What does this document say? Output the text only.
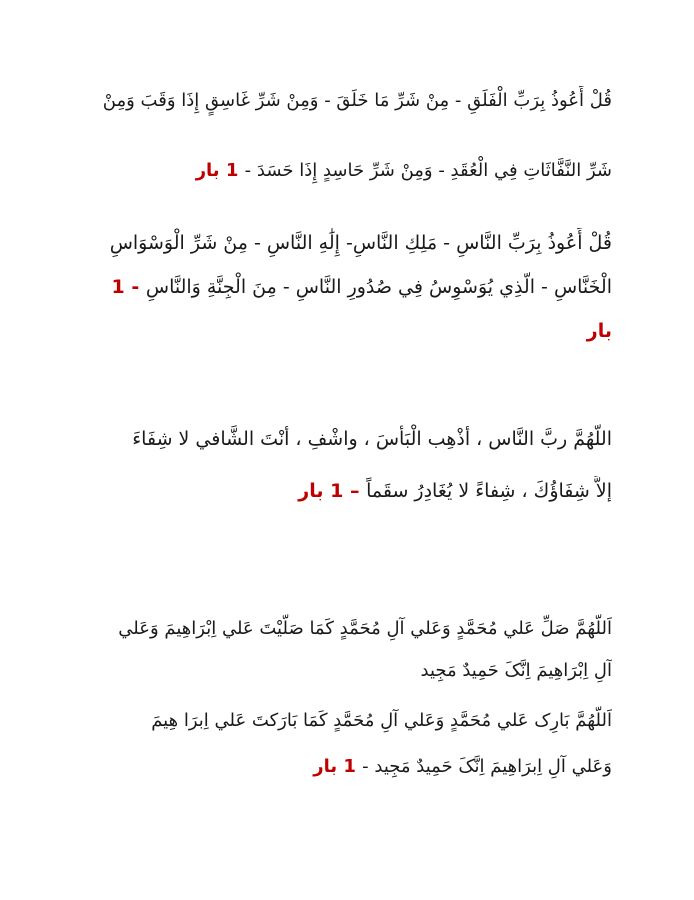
قُلْ أَعُوذُ بِرَبِّ الْفَلَقِ - مِنْ شَرِّ مَا خَلَقَ - وَمِنْ شَرِّ غَاسِقٍ إِذَا وَقَبَ وَمِنْ
شَرِّ النَّفَّاثَاتِ فِي الْعُقَدِ - وَمِنْ شَرِّ حَاسِدٍ إِذَا حَسَدَ - 1 بار
قُلْ أَعُوذُ بِرَبِّ النَّاسِ - مَلِكِ النَّاسِ- إِلَٰهِ النَّاسِ - مِنْ شَرِّ الْوَسْوَاسِ
الْخَنَّاسِ - الَّذِي يُوَسْوِسُ فِي صُدُورِ النَّاسِ - مِنَ الْجِنَّةِ وَالنَّاسِ - 1
بار
اللَّهُمَّ ربَّ النَّاس ، أذْهِب الْبَأسَ ، واشْفِ ، أنْتَ الشَّافي لا شِفَاءَ
إلاَّ شِفَاؤُكَ ، شِفاءً لا يُغَادِرُ سقَماً – 1 بار
اَللّهُمَّ صَلِّ عَلي مُحَمَّدٍ وَعَلي آلِ مُحَمَّدٍ كَمَا صَلَّيْتَ عَلي اِبْرَاهِيمَ وَعَلي
آلِ اِبْرَاهِيمَ اِنَّکَ حَمِيدٌ مَجِيد
اَللّهُمَّ بَارِک عَلي مُحَمَّدٍ وَعَلي آلِ مُحَمَّدٍ كَمَا بَارَکتَ عَلي اِبرَا هِيمَ
وَعَلي آلِ اِبرَاهِيمَ اِنَّکَ حَمِيدٌ مَجِيد - 1 بار
